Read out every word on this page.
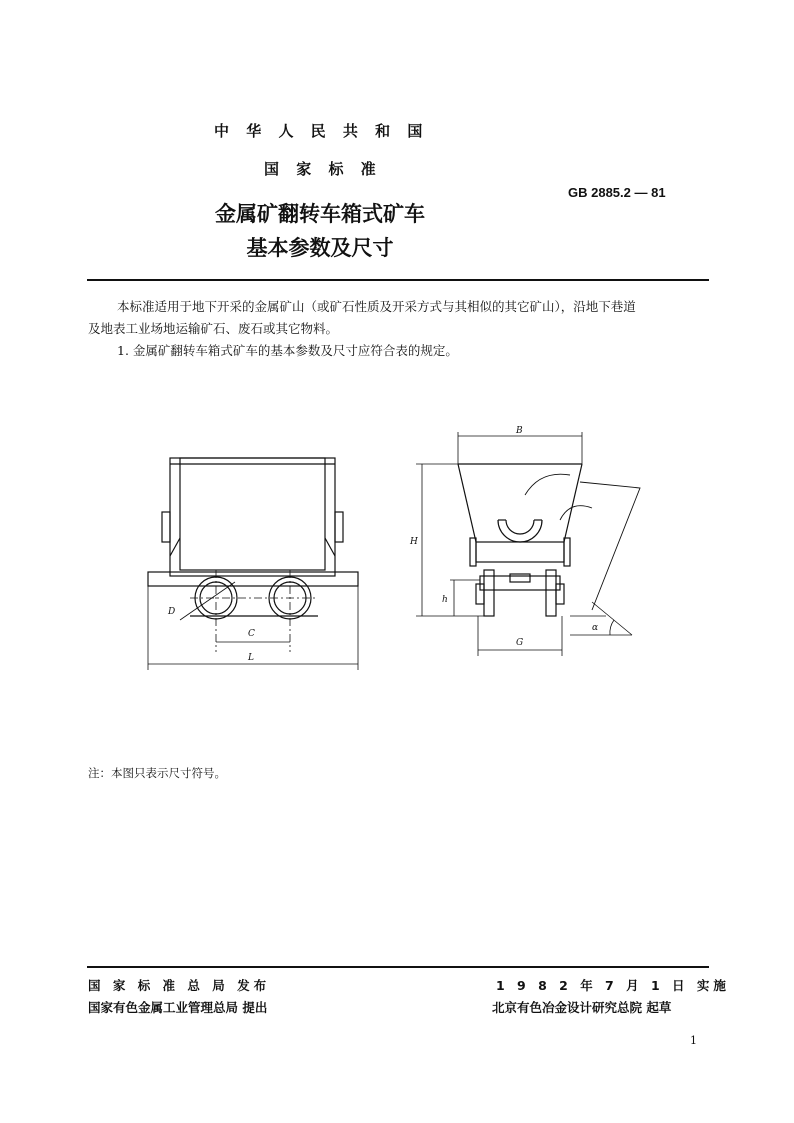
中 华 人 民 共 和 国
国 家 标 准
GB 2885.2 — 81
金属矿翻转车箱式矿车
基本参数及尺寸
本标准适用于地下开采的金属矿山（或矿石性质及开采方式与其相似的其它矿山），沿地下巷道
及地表工业场地运输矿石、废石或其它物料。
1. 金属矿翻转车箱式矿车的基本参数及尺寸应符合表的规定。
D
C
L
B
H
h
G
α
注：本图只表示尺寸符号。
国 家 标 准 总 局 发布
国家有色金属工业管理总局 提出
1 9 8 2 年 7 月 1 日 实施
北京有色冶金设计研究总院 起草
1
